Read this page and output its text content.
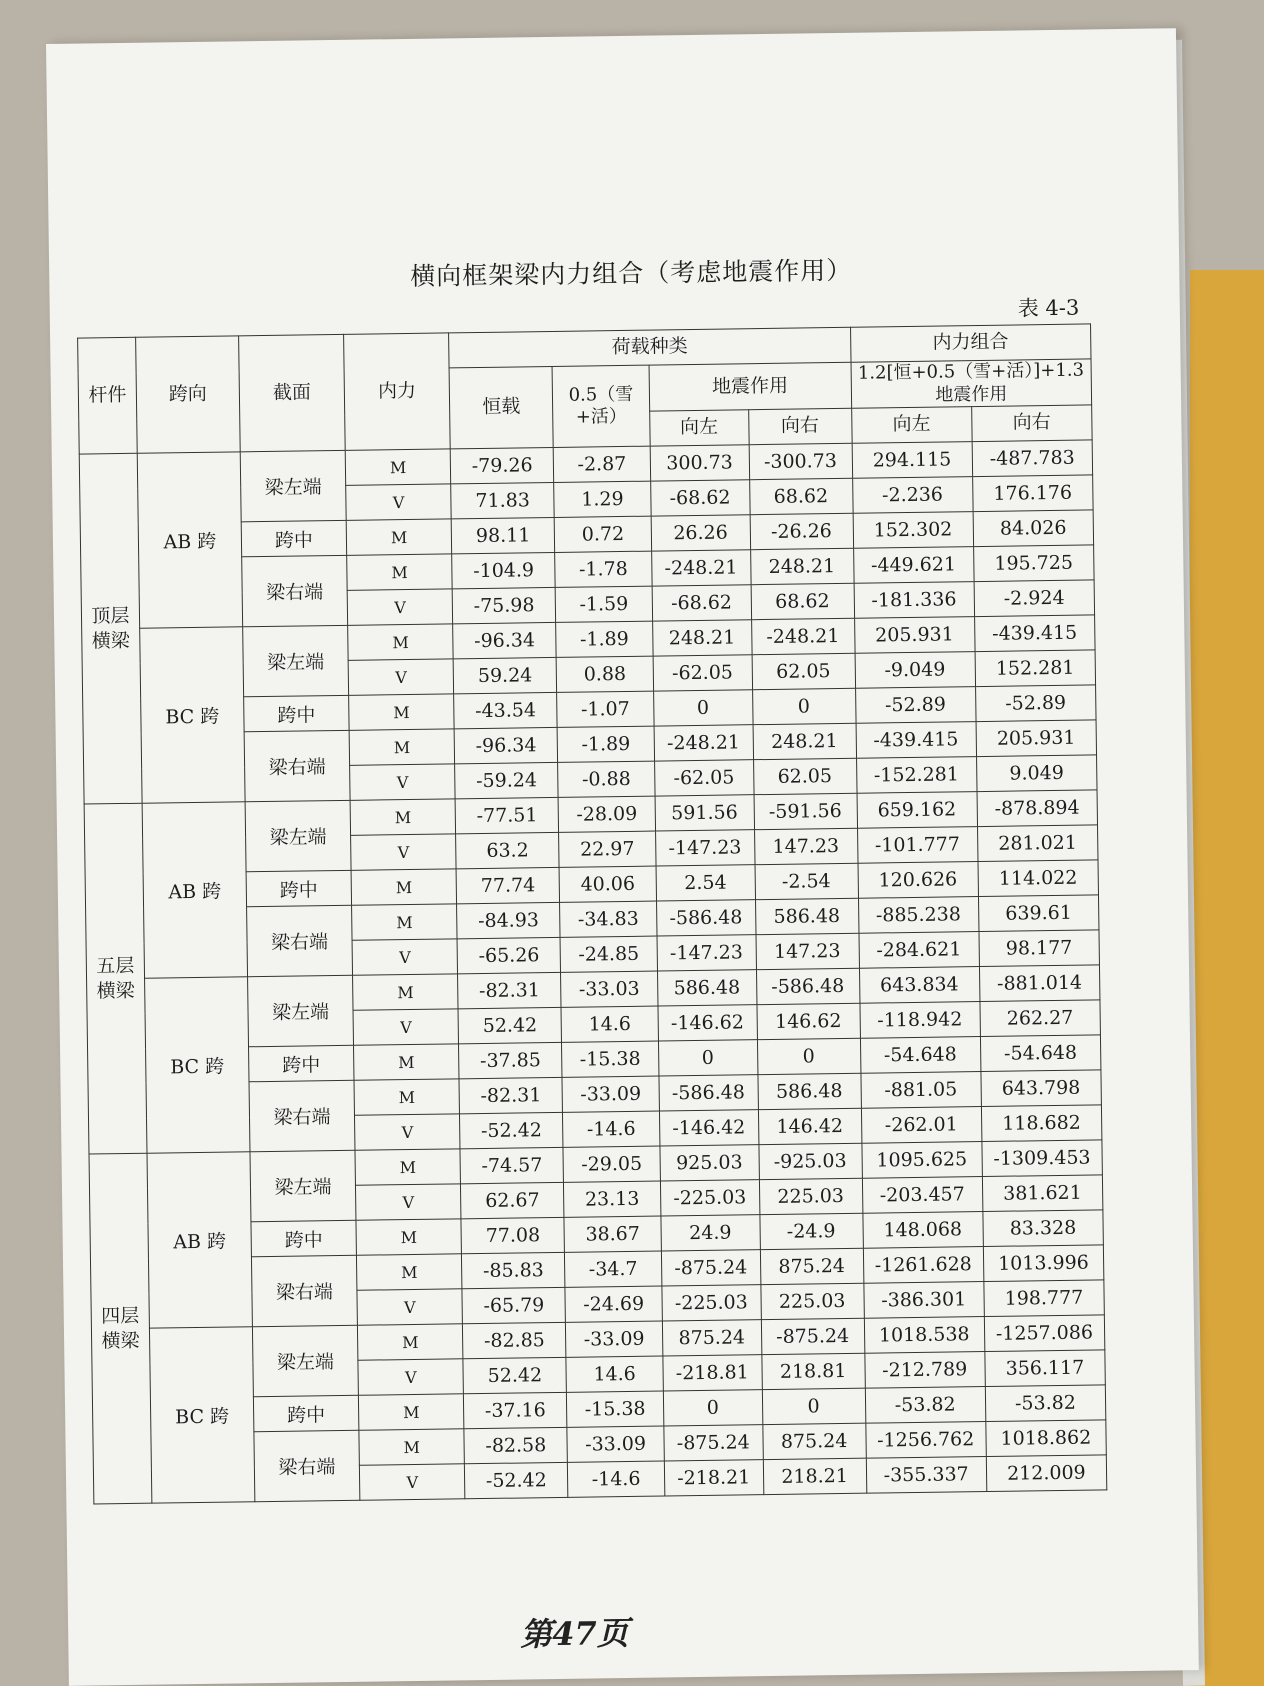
横向框架梁内力组合（考虑地震作用）
表 4-3
杆件	跨向	截面	内力	荷载种类				内力组合	
				恒载	0.5（雪+活）	地震作用		1.2[恒+0.5（雪+活）]+1.3 地震作用	
						向左	向右	向左	向右
顶层横梁	AB 跨	梁左端	M	-79.26	-2.87	300.73	-300.73	294.115	-487.783
			V	71.83	1.29	-68.62	68.62	-2.236	176.176
		跨中	M	98.11	0.72	26.26	-26.26	152.302	84.026
		梁右端	M	-104.9	-1.78	-248.21	248.21	-449.621	195.725
			V	-75.98	-1.59	-68.62	68.62	-181.336	-2.924
	BC 跨	梁左端	M	-96.34	-1.89	248.21	-248.21	205.931	-439.415
			V	59.24	0.88	-62.05	62.05	-9.049	152.281
		跨中	M	-43.54	-1.07	0	0	-52.89	-52.89
		梁右端	M	-96.34	-1.89	-248.21	248.21	-439.415	205.931
			V	-59.24	-0.88	-62.05	62.05	-152.281	9.049
五层横梁	AB 跨	梁左端	M	-77.51	-28.09	591.56	-591.56	659.162	-878.894
			V	63.2	22.97	-147.23	147.23	-101.777	281.021
		跨中	M	77.74	40.06	2.54	-2.54	120.626	114.022
		梁右端	M	-84.93	-34.83	-586.48	586.48	-885.238	639.61
			V	-65.26	-24.85	-147.23	147.23	-284.621	98.177
	BC 跨	梁左端	M	-82.31	-33.03	586.48	-586.48	643.834	-881.014
			V	52.42	14.6	-146.62	146.62	-118.942	262.27
		跨中	M	-37.85	-15.38	0	0	-54.648	-54.648
		梁右端	M	-82.31	-33.09	-586.48	586.48	-881.05	643.798
			V	-52.42	-14.6	-146.42	146.42	-262.01	118.682
四层横梁	AB 跨	梁左端	M	-74.57	-29.05	925.03	-925.03	1095.625	-1309.453
			V	62.67	23.13	-225.03	225.03	-203.457	381.621
		跨中	M	77.08	38.67	24.9	-24.9	148.068	83.328
		梁右端	M	-85.83	-34.7	-875.24	875.24	-1261.628	1013.996
			V	-65.79	-24.69	-225.03	225.03	-386.301	198.777
	BC 跨	梁左端	M	-82.85	-33.09	875.24	-875.24	1018.538	-1257.086
			V	52.42	14.6	-218.81	218.81	-212.789	356.117
		跨中	M	-37.16	-15.38	0	0	-53.82	-53.82
		梁右端	M	-82.58	-33.09	-875.24	875.24	-1256.762	1018.862
			V	-52.42	-14.6	-218.21	218.21	-355.337	212.009
第47页
